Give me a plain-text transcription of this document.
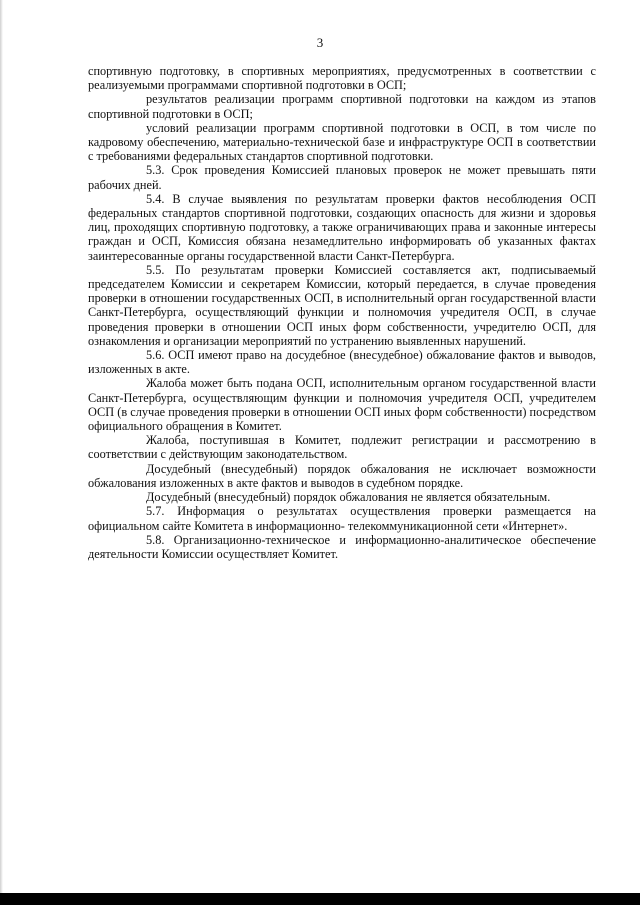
3

спортивную подготовку, в спортивных мероприятиях, предусмотренных в соответствии с реализуемыми программами спортивной подготовки в ОСП;

результатов реализации программ спортивной подготовки на каждом из этапов спортивной подготовки в ОСП;

условий реализации программ спортивной подготовки в ОСП, в том числе по кадровому обеспечению, материально-технической базе и инфраструктуре ОСП в соответствии с требованиями федеральных стандартов спортивной подготовки.

5.3. Срок проведения Комиссией плановых проверок не может превышать пяти рабочих дней.

5.4. В случае выявления по результатам проверки фактов несоблюдения ОСП федеральных стандартов спортивной подготовки, создающих опасность для жизни и здоровья лиц, проходящих спортивную подготовку, а также ограничивающих права и законные интересы граждан и ОСП, Комиссия обязана незамедлительно информировать об указанных фактах заинтересованные органы государственной власти Санкт-Петербурга.

5.5. По результатам проверки Комиссией составляется акт, подписываемый председателем Комиссии и секретарем Комиссии, который передается, в случае проведения проверки в отношении государственных ОСП, в исполнительный орган государственной власти Санкт-Петербурга, осуществляющий функции и полномочия учредителя ОСП, в случае проведения проверки в отношении ОСП иных форм собственности, учредителю ОСП, для ознакомления и организации мероприятий по устранению выявленных нарушений.

5.6. ОСП имеют право на досудебное (внесудебное) обжалование фактов и выводов, изложенных в акте.

Жалоба может быть подана ОСП, исполнительным органом государственной власти Санкт-Петербурга, осуществляющим функции и полномочия учредителя ОСП, учредителем ОСП (в случае проведения проверки в отношении ОСП иных форм собственности) посредством официального обращения в Комитет.

Жалоба, поступившая в Комитет, подлежит регистрации и рассмотрению в соответствии с действующим законодательством.

Досудебный (внесудебный) порядок обжалования не исключает возможности обжалования изложенных в акте фактов и выводов в судебном порядке.

Досудебный (внесудебный) порядок обжалования не является обязательным.

5.7. Информация о результатах осуществления проверки размещается на официальном сайте Комитета в информационно- телекоммуникационной сети «Интернет».

5.8. Организационно-техническое и информационно-аналитическое обеспечение деятельности Комиссии осуществляет Комитет.
